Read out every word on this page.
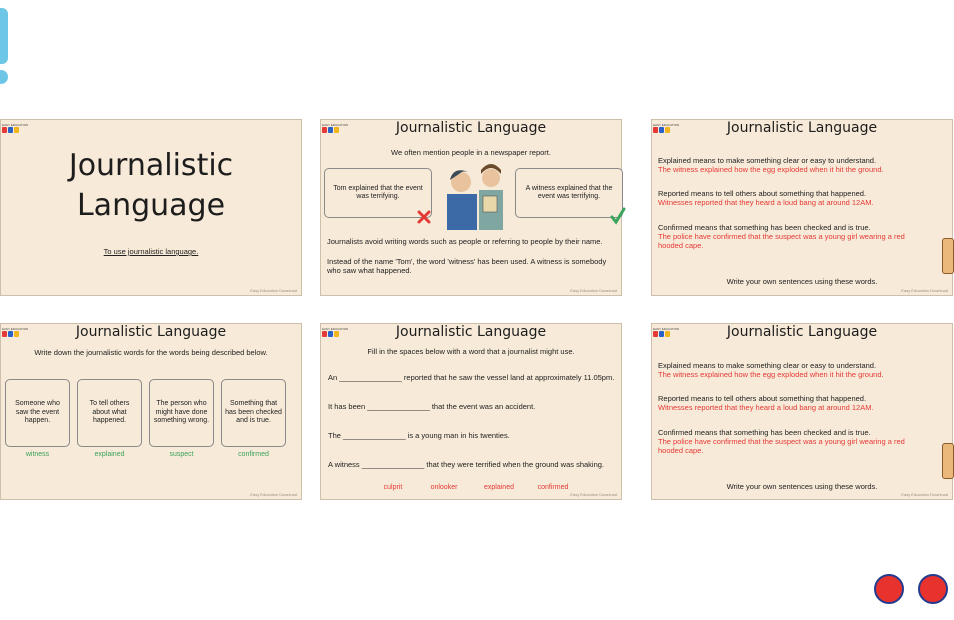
EASY EDUCATION
Journalistic
Language
To use journalistic language.
Easy Education Download
EASY EDUCATION	Journalistic Language
We often mention people in a newspaper report.
Tom explained that the event was terrifying.
A witness explained that the event was terrifying.
Journalists avoid writing words such as people or referring to people by their name.
Instead of the name 'Tom', the word 'witness' has been used. A witness is somebody who saw what happened.
Easy Education Download
EASY EDUCATION	Journalistic Language
Explained means to make something clear or easy to understand.
The witness explained how the egg exploded when it hit the ground.
Reported means to tell others about something that happened.
Witnesses reported that they heard a loud bang at around 12AM.
Confirmed means that something has been checked and is true.
The police have confirmed that the suspect was a young girl wearing a red hooded cape.
Write your own sentences using these words.
Easy Education Download
EASY EDUCATION	Journalistic Language
Write down the journalistic words for the words being described below.
Someone who saw the event happen.
To tell others about what happened.
The person who might have done something wrong.
Something that has been checked and is true.
witness	explained	suspect	confirmed
Easy Education Download
EASY EDUCATION	Journalistic Language
Fill in the spaces below with a word that a journalist might use.
An _______________ reported that he saw the vessel land at approximately 11.05pm.
It has been _______________ that the event was an accident.
The _______________ is a young man in his twenties.
A witness _______________ that they were terrified when the ground was shaking.
culprit	onlooker	explained	confirmed
Easy Education Download
EASY EDUCATION	Journalistic Language
Explained means to make something clear or easy to understand.
The witness explained how the egg exploded when it hit the ground.
Reported means to tell others about something that happened.
Witnesses reported that they heard a loud bang at around 12AM.
Confirmed means that something has been checked and is true.
The police have confirmed that the suspect was a young girl wearing a red hooded cape.
Write your own sentences using these words.
Easy Education Download
